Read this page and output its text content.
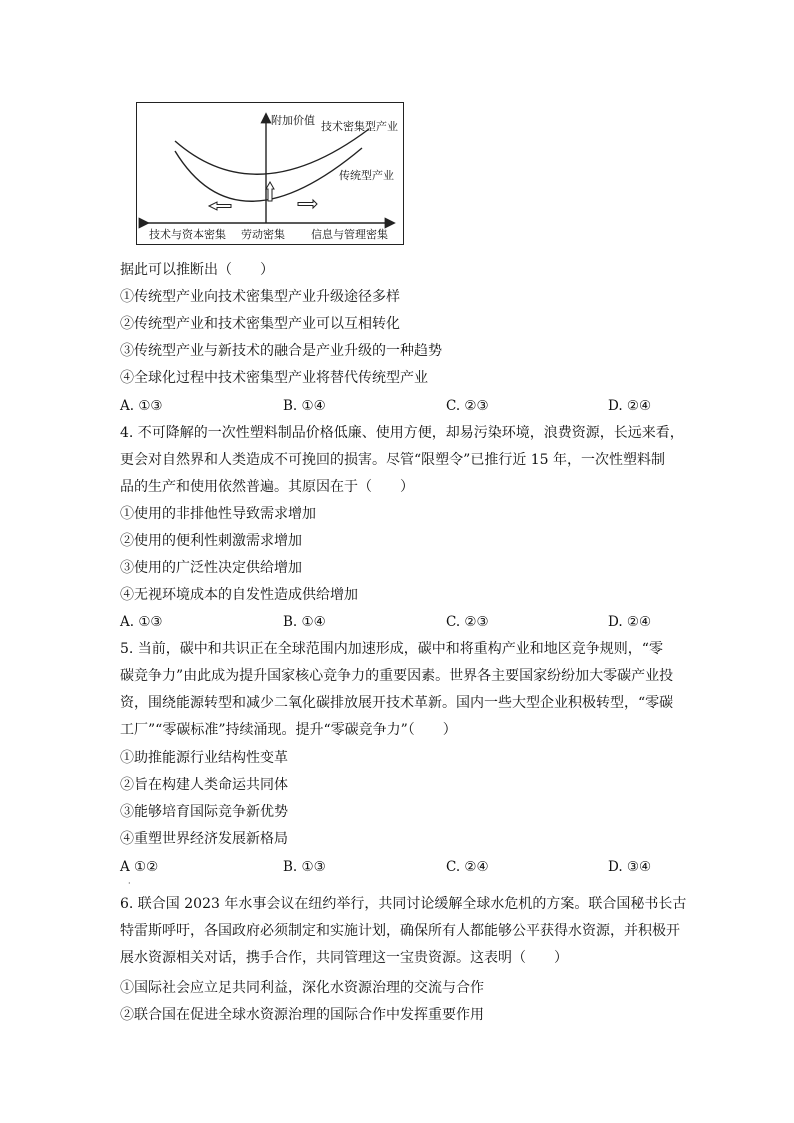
附加价值 技术密集型产业
传统型产业
技术与资本密集 劳动密集 信息与管理密集
据此可以推断出（　　）
①传统型产业向技术密集型产业升级途径多样
②传统型产业和技术密集型产业可以互相转化
③传统型产业与新技术的融合是产业升级的一种趋势
④全球化过程中技术密集型产业将替代传统型产业
A. ①③	B. ①④	C. ②③	D. ②④
4. 不可降解的一次性塑料制品价格低廉、使用方便，却易污染环境，浪费资源，长远来看，
更会对自然界和人类造成不可挽回的损害。尽管“限塑令”已推行近 15 年，一次性塑料制
品的生产和使用依然普遍。其原因在于（　　）
①使用的非排他性导致需求增加
②使用的便利性刺激需求增加
③使用的广泛性决定供给增加
④无视环境成本的自发性造成供给增加
A. ①③	B. ①④	C. ②③	D. ②④
5. 当前，碳中和共识正在全球范围内加速形成，碳中和将重构产业和地区竞争规则，“零
碳竞争力”由此成为提升国家核心竞争力的重要因素。世界各主要国家纷纷加大零碳产业投
资，围绕能源转型和减少二氧化碳排放展开技术革新。国内一些大型企业积极转型，“零碳
工厂”“零碳标准”持续涌现。提升“零碳竞争力”（　　）
①助推能源行业结构性变革
②旨在构建人类命运共同体
③能够培育国际竞争新优势
④重塑世界经济发展新格局
A ①②	B. ①③	C. ②④	D. ③④
·
6. 联合国 2023 年水事会议在纽约举行，共同讨论缓解全球水危机的方案。联合国秘书长古
特雷斯呼吁，各国政府必须制定和实施计划，确保所有人都能够公平获得水资源，并积极开
展水资源相关对话，携手合作，共同管理这一宝贵资源。这表明（　　）
①国际社会应立足共同利益，深化水资源治理的交流与合作
②联合国在促进全球水资源治理的国际合作中发挥重要作用
